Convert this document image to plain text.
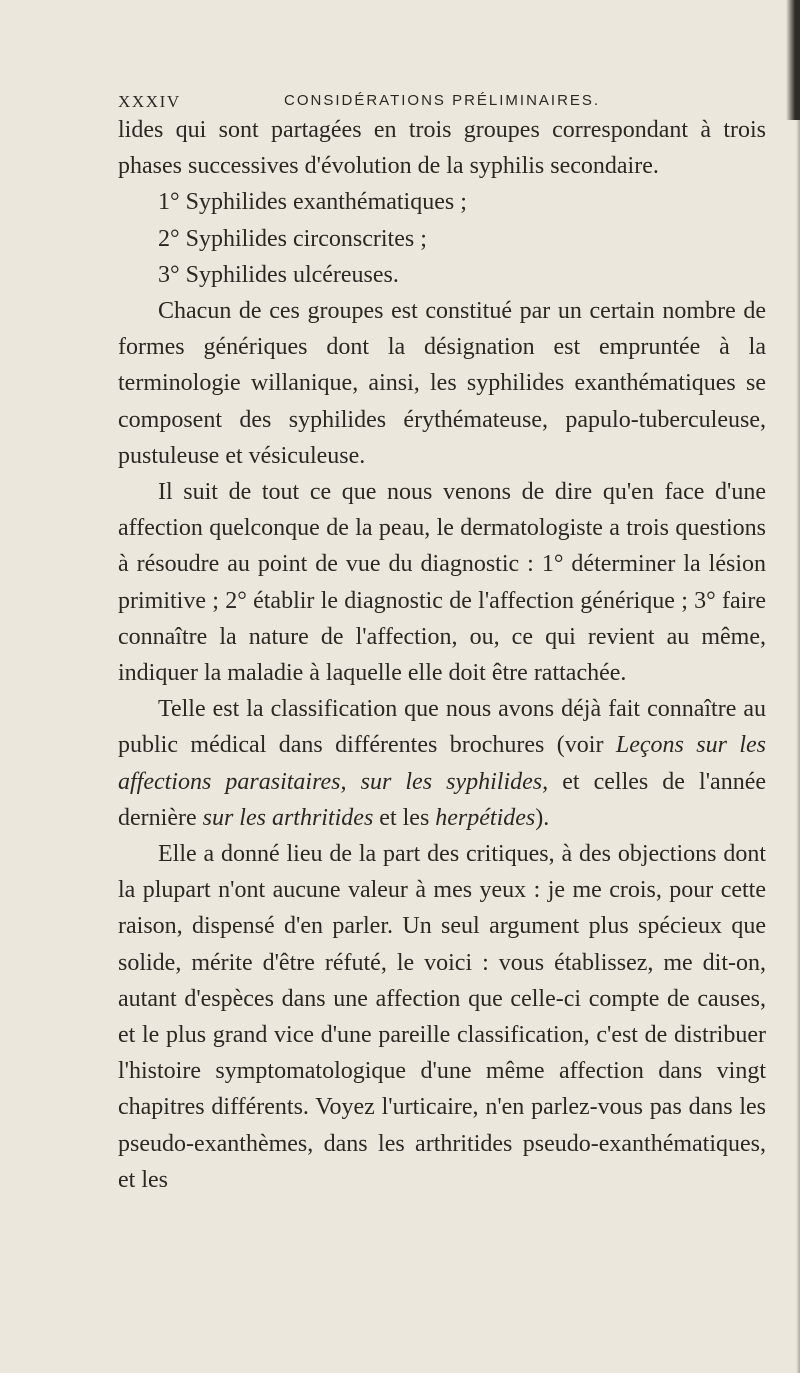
XXXIV	CONSIDÉRATIONS PRÉLIMINAIRES.

lides qui sont partagées en trois groupes correspondant à trois phases successives d'évolution de la syphilis secondaire.

1° Syphilides exanthématiques ;
2° Syphilides circonscrites ;
3° Syphilides ulcéreuses.

Chacun de ces groupes est constitué par un certain nombre de formes génériques dont la désignation est empruntée à la terminologie willanique, ainsi, les syphilides exanthématiques se composent des syphilides érythémateuse, papulo-tuberculeuse, pustuleuse et vésiculeuse.

Il suit de tout ce que nous venons de dire qu'en face d'une affection quelconque de la peau, le dermatologiste a trois questions à résoudre au point de vue du diagnostic : 1° déterminer la lésion primitive ; 2° établir le diagnostic de l'affection générique ; 3° faire connaître la nature de l'affection, ou, ce qui revient au même, indiquer la maladie à laquelle elle doit être rattachée.

Telle est la classification que nous avons déjà fait connaître au public médical dans différentes brochures (voir Leçons sur les affections parasitaires, sur les syphilides, et celles de l'année dernière sur les arthritides et les herpétides).

Elle a donné lieu de la part des critiques, à des objections dont la plupart n'ont aucune valeur à mes yeux : je me crois, pour cette raison, dispensé d'en parler. Un seul argument plus spécieux que solide, mérite d'être réfuté, le voici : vous établissez, me dit-on, autant d'espèces dans une affection que celle-ci compte de causes, et le plus grand vice d'une pareille classification, c'est de distribuer l'histoire symptomatologique d'une même affection dans vingt chapitres différents. Voyez l'urticaire, n'en parlez-vous pas dans les pseudo-exanthèmes, dans les arthritides pseudo-exanthématiques, et les
